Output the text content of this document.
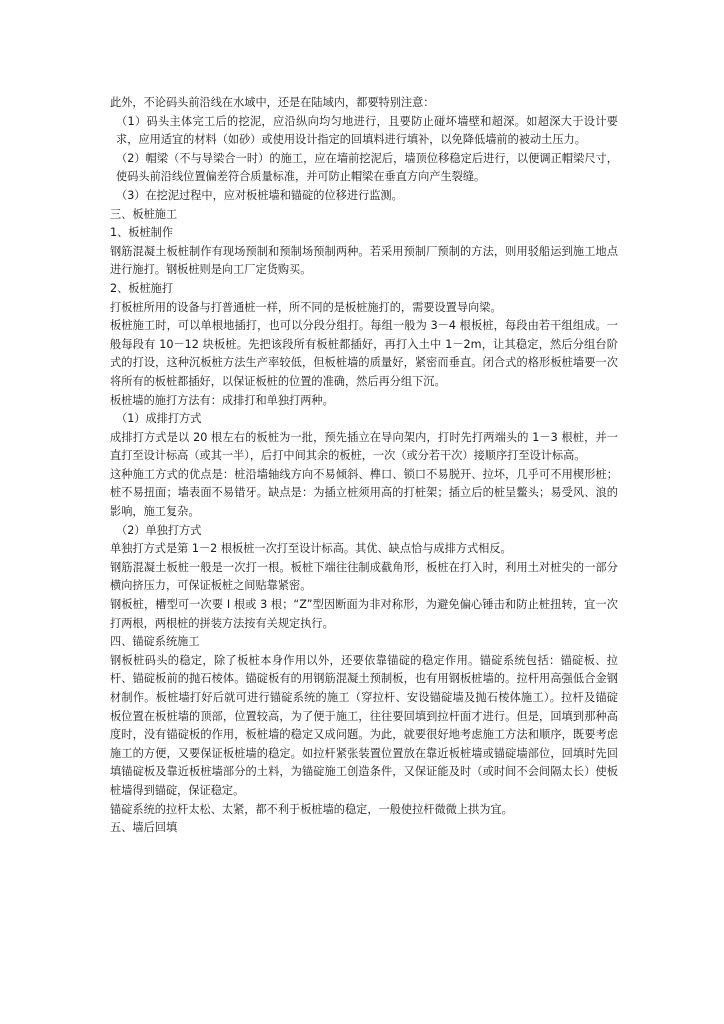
此外，不论码头前沿线在水域中，还是在陆域内，都要特别注意：

（1）码头主体完工后的挖泥，应沿纵向均匀地进行，且要防止碰坏墙壁和超深。如超深大于设计要求，应用适宜的材料（如砂）或使用设计指定的回填料进行填补，以免降低墙前的被动土压力。

（2）帽梁（不与导梁合一时）的施工，应在墙前挖泥后，墙顶位移稳定后进行，以便调正帽梁尺寸，使码头前沿线位置偏差符合质量标准，并可防止帽梁在垂直方向产生裂缝。

（3）在挖泥过程中，应对板桩墙和锚碇的位移进行监测。

三、板桩施工

1、板桩制作

钢筋混凝土板桩制作有现场预制和预制场预制两种。若采用预制厂预制的方法，则用驳船运到施工地点进行施打。钢板桩则是向工厂定货购买。

2、板桩施打

打板桩所用的设备与打普通桩一样，所不同的是板桩施打的，需要设置导向梁。

板桩施工时，可以单根地插打，也可以分段分组打。每组一般为 3－4 根板桩，每段由若干组组成。一般每段有 10－12 块板桩。先把该段所有板桩都插好，再打入土中 1－2m，让其稳定，然后分组台阶式的打设，这种沉板桩方法生产率较低，但板桩墙的质量好，紧密而垂直。闭合式的格形板桩墙要一次将所有的板桩都插好，以保证板桩的位置的准确，然后再分组下沉。

板桩墙的施打方法有：成排打和单独打两种。

（1）成排打方式

成排打方式是以 20 根左右的板桩为一批，预先插立在导向架内，打时先打两端头的 1－3 根桩，并一直打至设计标高（或其一半），后打中间其余的板桩，一次（或分若干次）接顺序打至设计标高。

这种施工方式的优点是：桩沿墙轴线方向不易倾斜、榫口、锁口不易脱开、拉坏，几乎可不用楔形桩；桩不易扭面；墙表面不易错牙。缺点是：为插立桩须用高的打桩架；插立后的桩呈鳖头；易受风、浪的影响，施工复杂。

（2）单独打方式

单独打方式是第 1－2 根板桩一次打至设计标高。其优、缺点恰与成排方式相反。

钢筋混凝土板桩一般是一次打一根。板桩下端往往制成截角形，板桩在打入时，利用土对桩尖的一部分横向挤压力，可保证板桩之间贴靠紧密。

钢板桩，槽型可一次要 I 根或 3 根；“Z”型因断面为非对称形，为避免偏心锤击和防止桩扭转，宜一次打两根，两根桩的拼装方法按有关规定执行。

四、锚碇系统施工

钢板桩码头的稳定，除了板桩本身作用以外，还要依靠锚碇的稳定作用。锚碇系统包括：锚碇板、拉杆、锚碇板前的抛石棱体。锚碇板有的用钢筋混凝土预制板，也有用钢板桩墙的。拉杆用高强低合金钢材制作。板桩墙打好后就可进行锚碇系统的施工（穿拉杆、安设锚碇墙及抛石棱体施工）。拉杆及锚碇板位置在板桩墙的顶部，位置较高，为了便于施工，往往要回填到拉杆面才进行。但是，回填到那种高度时，没有锚碇板的作用，板桩墙的稳定又成问题。为此，就要很好地考虑施工方法和顺序，既要考虑施工的方便，又要保证板桩墙的稳定。如拉杆紧张装置位置放在靠近板桩墙或锚碇墙部位，回填时先回填锚碇板及靠近板桩墙部分的土料，为锚碇施工创造条件，又保证能及时（或时间不会间隔太长）使板桩墙得到锚碇，保证稳定。

锚碇系统的拉杆太松、太紧，都不利于板桩墙的稳定，一般使拉杆微微上拱为宜。

五、墙后回填
